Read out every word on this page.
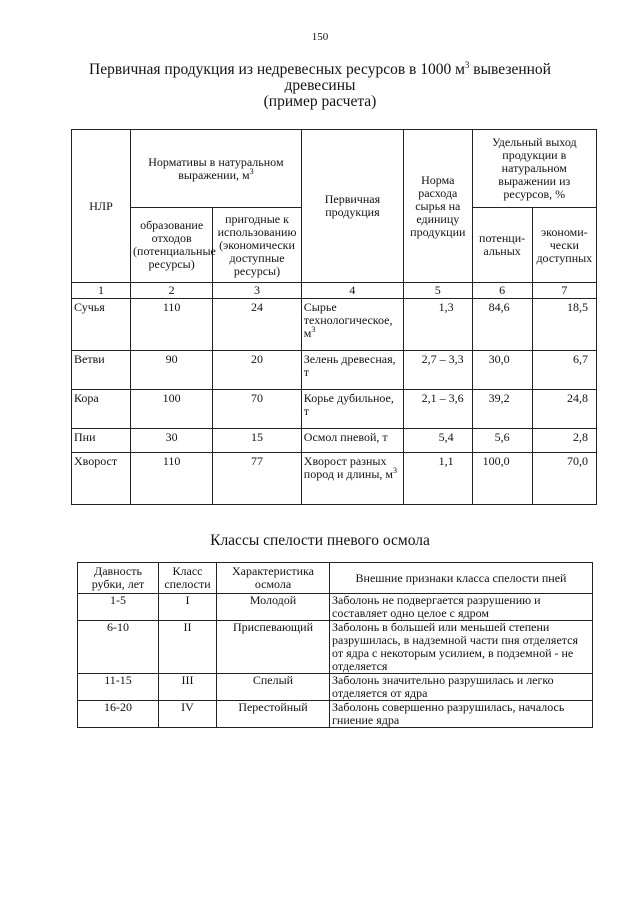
150
Первичная продукция из недревесных ресурсов в 1000 $м^3$ вывезенной
древесины
(пример расчета)
НЛР	Нормативы в натуральном выражении, $м^3$		Первичная продукция	Норма расхода сырья на единицу продукции	Удельный выход продукции в натуральном выражении из ресурсов, %	
	образование отходов (потенциальные ресурсы)	пригодные к использованию (экономически доступные ресурсы)			потенци-альных	экономи-чески доступных
1	2	3	4	5	6	7
Сучья	110	24	Сырье технологическое, $м^3$	1,3	84,6	18,5
Ветви	90	20	Зелень древесная, т	2,7 – 3,3	30,0	6,7
Кора	100	70	Корье дубильное, т	2,1 – 3,6	39,2	24,8
Пни	30	15	Осмол пневой, т	5,4	5,6	2,8
Хворост	110	77	Хворост разных пород и длины, $м^3$	1,1	100,0	70,0
Классы спелости пневого осмола
Давность рубки, лет	Класс спелости	Характеристика осмола	Внешние признаки класса спелости пней
1-5	I	Молодой	Заболонь не подвергается разрушению и составляет одно целое с ядром
6-10	II	Приспевающий	Заболонь в большей или меньшей степени разрушилась, в надземной части пня отделяется от ядра с некоторым усилием, в подземной - не отделяется
11-15	III	Спелый	Заболонь значительно разрушилась и легко отделяется от ядра
16-20	IV	Перестойный	Заболонь совершенно разрушилась, началось гниение ядра
